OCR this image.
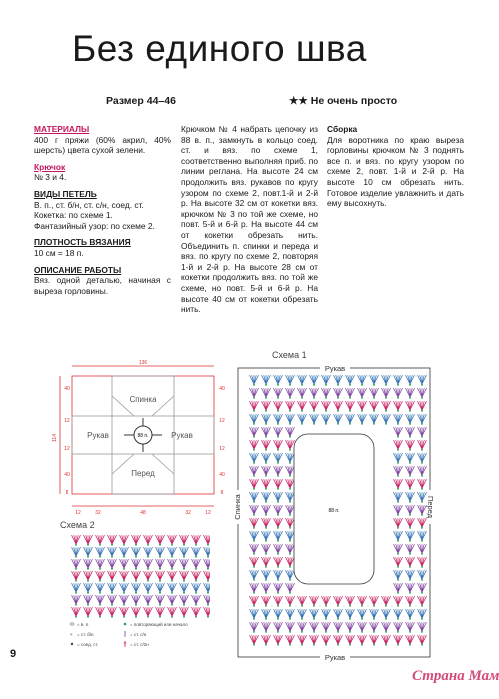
Без единого шва
Размер 44–46	★★ Не очень просто
МАТЕРИАЛЫ
400 г пряжи (60% акрил, 40% шерсть) цвета сухой зелени.
Крючок
№ 3 и 4.
ВИДЫ ПЕТЕЛЬ
В. п., ст. б/н, ст. с/н, соед. ст.
Кокетка: по схеме 1.
Фантазийный узор: по схеме 2.
ПЛОТНОСТЬ ВЯЗАНИЯ
10 см = 18 п.
ОПИСАНИЕ РАБОТЫ
Вяз. одной деталью, начиная с выреза горловины.
Крючком № 4 набрать цепочку из 88 в. п., замкнуть в кольцо соед. ст. и вяз. по схеме 1, соответственно выполняя приб. по линии реглана. На высоте 24 см продолжить вяз. рукавов по кругу узором по схеме 2, повт.1-й и 2-й р. На высоте 32 см от кокетки вяз. крючком № 3 по той же схеме, но повт. 5-й и 6-й р. На высоте 44 см от кокетки обрезать нить. Объединить п. спинки и переда и вяз. по кругу по схеме 2, повторяя 1-й и 2-й р. На высоте 28 см от кокетки продолжить вяз. по той же схеме, но повт. 5-й и 6-й р. На высоте 40 см от кокетки обрезать нить.
Сборка
Для воротника по краю выреза горловины крючком № 3 поднять все п. и вяз. по кругу узором по схеме 2, повт. 1-й и 2-й р. На высоте 10 см обрезать нить. Готовое изделие увлажнить и дать ему высохнуть.
Спинка
Перед
Рукав	Рукав
88 п.
136
114
12	32	48	32	12
40
12
12
40
8
40
12
12
40
8
Схема 1
Рукав
Рукав
Спинка	Перед
88 п.
Схема 2
= в. п.	= повторяющий или начало
× = ст. б/н	= ст. с/н
= соед. ст.	= ст. с/2н
9
Страна Мам
